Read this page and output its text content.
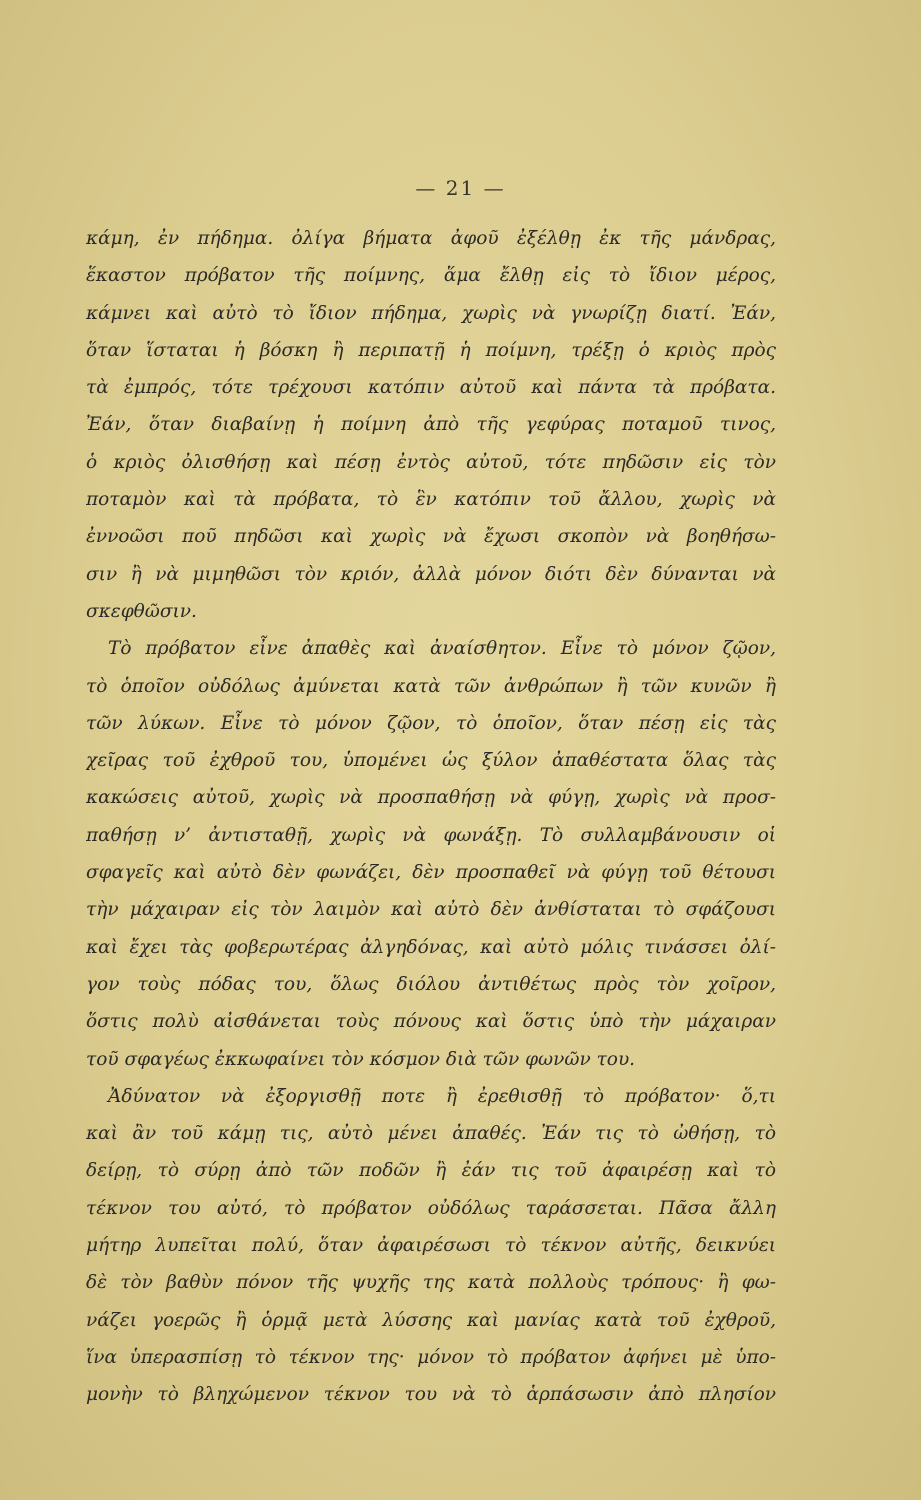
— 21 —
κάμη, ἐν πήδημα. ὀλίγα βήματα ἀφοῦ ἐξέλθῃ ἐκ τῆς μάνδρας,
ἕκαστον πρόβατον τῆς ποίμνης, ἅμα ἔλθῃ εἰς τὸ ἴδιον μέρος,
κάμνει καὶ αὐτὸ τὸ ἴδιον πήδημα, χωρὶς νὰ γνωρίζῃ διατί. Ἐάν,
ὅταν ἵσταται ἡ βόσκη ἢ περιπατῇ ἡ ποίμνη, τρέξῃ ὁ κριὸς πρὸς
τὰ ἐμπρός, τότε τρέχουσι κατόπιν αὐτοῦ καὶ πάντα τὰ πρόβατα.
Ἐάν, ὅταν διαβαίνῃ ἡ ποίμνη ἀπὸ τῆς γεφύρας ποταμοῦ τινος,
ὁ κριὸς ὀλισθήσῃ καὶ πέσῃ ἐντὸς αὐτοῦ, τότε πηδῶσιν εἰς τὸν
ποταμὸν καὶ τὰ πρόβατα, τὸ ἓν κατόπιν τοῦ ἄλλου, χωρὶς νὰ
ἐννοῶσι ποῦ πηδῶσι καὶ χωρὶς νὰ ἔχωσι σκοπὸν νὰ βοηθήσω-
σιν ἢ νὰ μιμηθῶσι τὸν κριόν, ἀλλὰ μόνον διότι δὲν δύνανται νὰ
σκεφθῶσιν.
Τὸ πρόβατον εἶνε ἀπαθὲς καὶ ἀναίσθητον. Εἶνε τὸ μόνον ζῷον,
τὸ ὁποῖον οὐδόλως ἀμύνεται κατὰ τῶν ἀνθρώπων ἢ τῶν κυνῶν ἢ
τῶν λύκων. Εἶνε τὸ μόνον ζῷον, τὸ ὁποῖον, ὅταν πέσῃ εἰς τὰς
χεῖρας τοῦ ἐχθροῦ του, ὑπομένει ὡς ξύλον ἀπαθέστατα ὅλας τὰς
κακώσεις αὐτοῦ, χωρὶς νὰ προσπαθήσῃ νὰ φύγῃ, χωρὶς νὰ προσ-
παθήσῃ ν’ ἀντισταθῇ, χωρὶς νὰ φωνάξῃ. Τὸ συλλαμβάνουσιν οἱ
σφαγεῖς καὶ αὐτὸ δὲν φωνάζει, δὲν προσπαθεῖ νὰ φύγῃ τοῦ θέτουσι
τὴν μάχαιραν εἰς τὸν λαιμὸν καὶ αὐτὸ δὲν ἀνθίσταται τὸ σφάζουσι
καὶ ἔχει τὰς φοβερωτέρας ἀλγηδόνας, καὶ αὐτὸ μόλις τινάσσει ὀλί-
γον τοὺς πόδας του, ὅλως διόλου ἀντιθέτως πρὸς τὸν χοῖρον,
ὅστις πολὺ αἰσθάνεται τοὺς πόνους καὶ ὅστις ὑπὸ τὴν μάχαιραν
τοῦ σφαγέως ἐκκωφαίνει τὸν κόσμον διὰ τῶν φωνῶν του.
Ἀδύνατον νὰ ἐξοργισθῇ ποτε ἢ ἐρεθισθῇ τὸ πρόβατον· ὅ,τι
καὶ ἂν τοῦ κάμῃ τις, αὐτὸ μένει ἀπαθές. Ἐάν τις τὸ ὠθήσῃ, τὸ
δείρῃ, τὸ σύρῃ ἀπὸ τῶν ποδῶν ἢ ἐάν τις τοῦ ἀφαιρέσῃ καὶ τὸ
τέκνον του αὐτό, τὸ πρόβατον οὐδόλως ταράσσεται. Πᾶσα ἄλλη
μήτηρ λυπεῖται πολύ, ὅταν ἀφαιρέσωσι τὸ τέκνον αὐτῆς, δεικνύει
δὲ τὸν βαθὺν πόνον τῆς ψυχῆς της κατὰ πολλοὺς τρόπους· ἢ φω-
νάζει γοερῶς ἢ ὁρμᾷ μετὰ λύσσης καὶ μανίας κατὰ τοῦ ἐχθροῦ,
ἵνα ὑπερασπίσῃ τὸ τέκνον της· μόνον τὸ πρόβατον ἀφήνει μὲ ὑπο-
μονὴν τὸ βληχώμενον τέκνον του νὰ τὸ ἁρπάσωσιν ἀπὸ πλησίον
